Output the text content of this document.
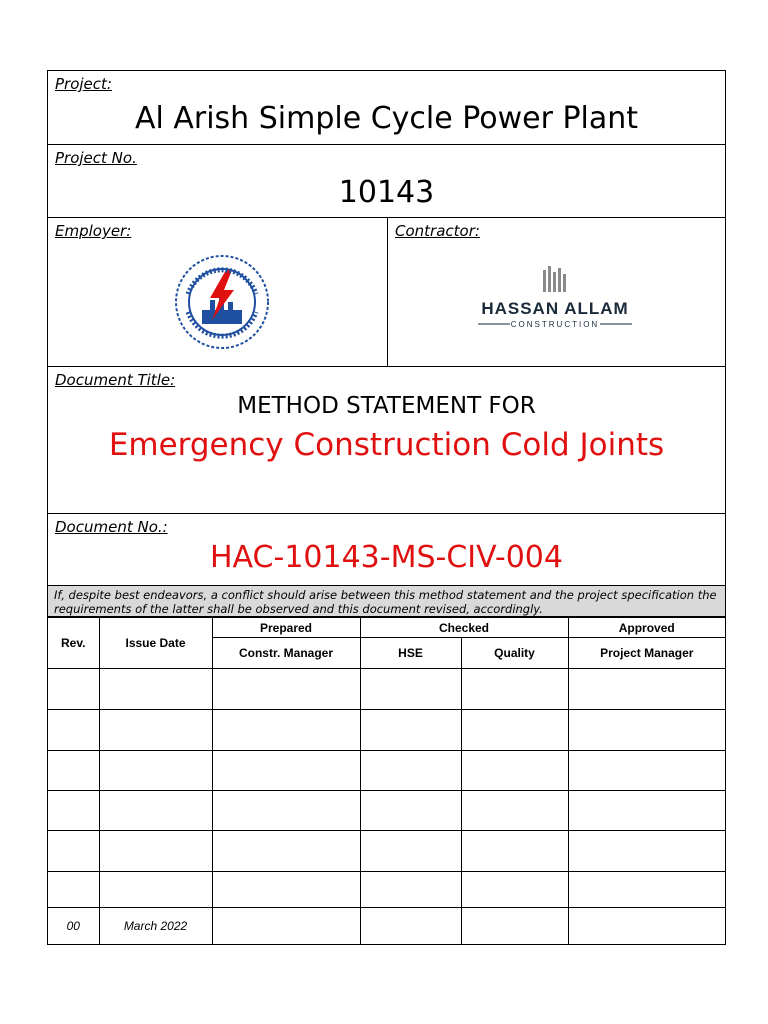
Project:
Al Arish Simple Cycle Power Plant
Project No.
10143
Employer:	Contractor:
HASSAN ALLAM
CONSTRUCTION
Document Title:
METHOD STATEMENT FOR
Emergency Construction Cold Joints
Document No.:
HAC-10143-MS-CIV-004
If, despite best endeavors, a conflict should arise between this method statement and the project specification the requirements of the latter shall be observed and this document revised, accordingly.
Rev.	Issue Date	Prepared	Checked		Approved
		Constr. Manager	HSE	Quality	Project Manager

00	March 2022				
